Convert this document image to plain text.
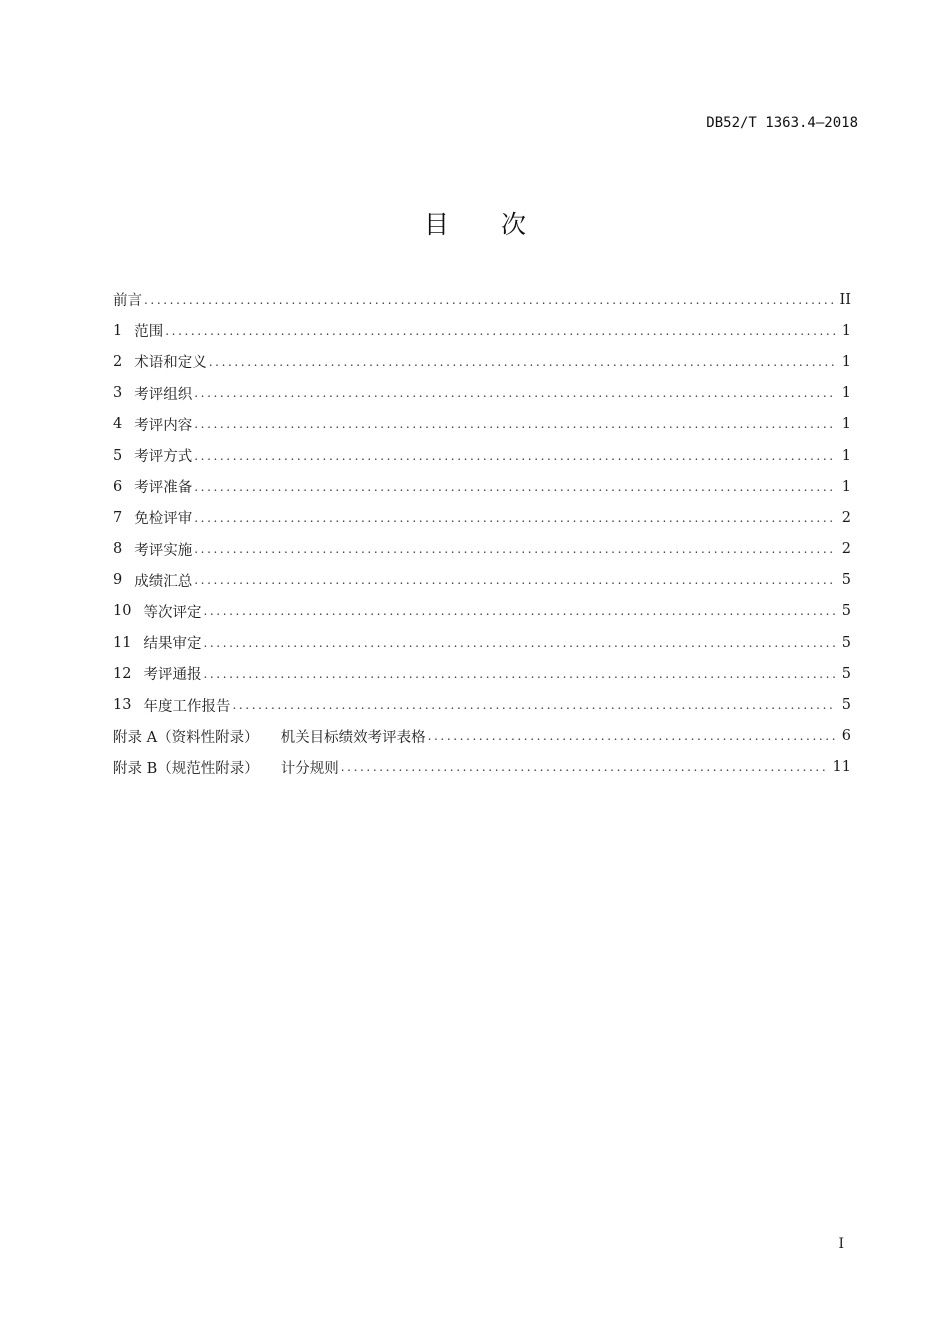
DB52/T 1363.4—2018
目 次
前言 .....	II
1 范围 .....	1
2 术语和定义 .....	1
3 考评组织 .....	1
4 考评内容 .....	1
5 考评方式 .....	1
6 考评准备 .....	1
7 免检评审 .....	2
8 考评实施 .....	2
9 成绩汇总 .....	5
10 等次评定 .....	5
11 结果审定 .....	5
12 考评通报 .....	5
13 年度工作报告 .....	5
附录 A（资料性附录） 机关目标绩效考评表格 .....	6
附录 B（规范性附录） 计分规则 .....	11
I
